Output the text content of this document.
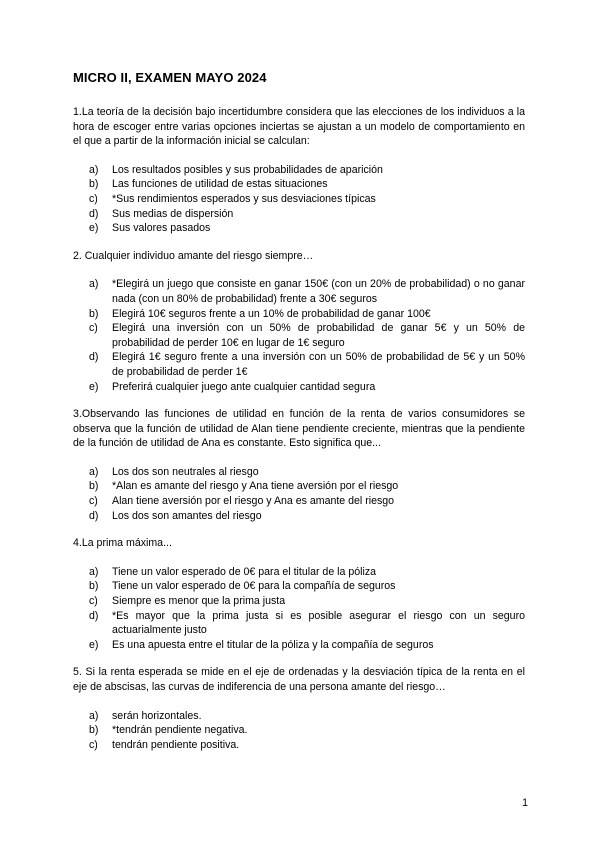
MICRO II, EXAMEN MAYO 2024

1.La teoría de la decisión bajo incertidumbre considera que las elecciones de los individuos a la hora de escoger entre varias opciones inciertas se ajustan a un modelo de comportamiento en el que a partir de la información inicial se calculan:

a) Los resultados posibles y sus probabilidades de aparición
b) Las funciones de utilidad de estas situaciones
c) *Sus rendimientos esperados y sus desviaciones típicas
d) Sus medias de dispersión
e) Sus valores pasados

2. Cualquier individuo amante del riesgo siempre…

a) *Elegirá un juego que consiste en ganar 150€ (con un 20% de probabilidad) o no ganar nada (con un 80% de probabilidad) frente a 30€ seguros
b) Elegirá 10€ seguros frente a un 10% de probabilidad de ganar 100€
c) Elegirá una inversión con un 50% de probabilidad de ganar 5€ y un 50% de probabilidad de perder 10€ en lugar de 1€ seguro
d) Elegirá 1€ seguro frente a una inversión con un 50% de probabilidad de 5€ y un 50% de probabilidad de perder 1€
e) Preferirá cualquier juego ante cualquier cantidad segura

3.Observando las funciones de utilidad en función de la renta de varios consumidores se observa que la función de utilidad de Alan tiene pendiente creciente, mientras que la pendiente de la función de utilidad de Ana es constante. Esto significa que...

a) Los dos son neutrales al riesgo
b) *Alan es amante del riesgo y Ana tiene aversión por el riesgo
c) Alan tiene aversión por el riesgo y Ana es amante del riesgo
d) Los dos son amantes del riesgo

4.La prima máxima...

a) Tiene un valor esperado de 0€ para el titular de la póliza
b) Tiene un valor esperado de 0€ para la compañía de seguros
c) Siempre es menor que la prima justa
d) *Es mayor que la prima justa si es posible asegurar el riesgo con un seguro actuarialmente justo
e) Es una apuesta entre el titular de la póliza y la compañía de seguros

5. Si la renta esperada se mide en el eje de ordenadas y la desviación típica de la renta en el eje de abscisas, las curvas de indiferencia de una persona amante del riesgo…

a) serán horizontales.
b) *tendrán pendiente negativa.
c) tendrán pendiente positiva.
1
